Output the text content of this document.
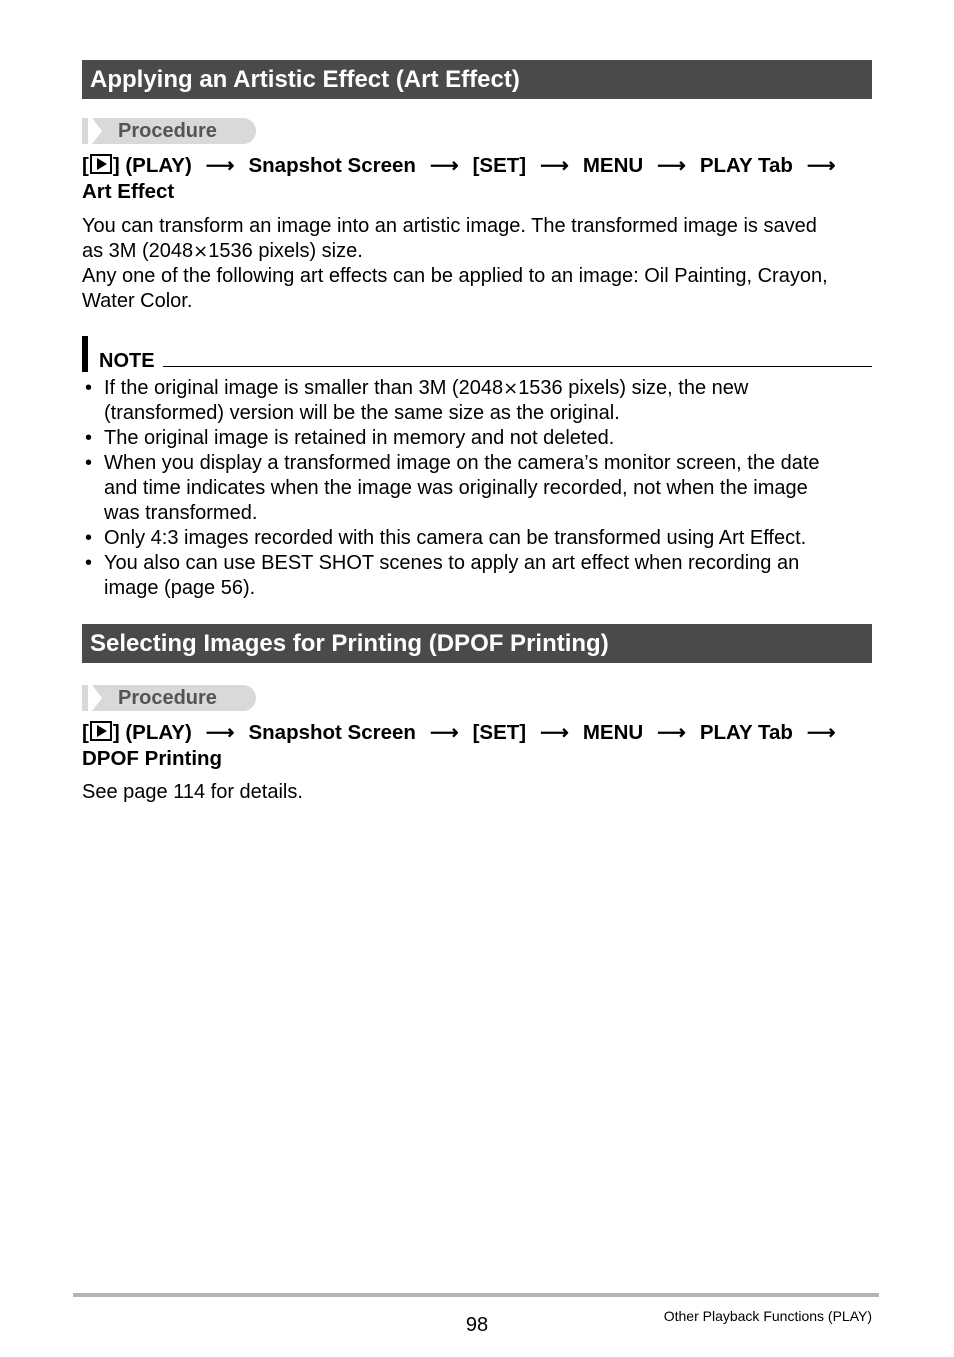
Applying an Artistic Effect (Art Effect)
Procedure
[ ] (PLAY) ⟶ Snapshot Screen ⟶ [SET] ⟶ MENU ⟶ PLAY Tab ⟶
Art Effect
You can transform an image into an artistic image. The transformed image is saved
as 3M (2048×1536 pixels) size.
Any one of the following art effects can be applied to an image: Oil Painting, Crayon,
Water Color.
NOTE
• If the original image is smaller than 3M (2048×1536 pixels) size, the new
(transformed) version will be the same size as the original.
• The original image is retained in memory and not deleted.
• When you display a transformed image on the camera’s monitor screen, the date
and time indicates when the image was originally recorded, not when the image
was transformed.
• Only 4:3 images recorded with this camera can be transformed using Art Effect.
• You also can use BEST SHOT scenes to apply an art effect when recording an
image (page 56).
Selecting Images for Printing (DPOF Printing)
Procedure
[ ] (PLAY) ⟶ Snapshot Screen ⟶ [SET] ⟶ MENU ⟶ PLAY Tab ⟶
DPOF Printing
See page 114 for details.
98	Other Playback Functions (PLAY)
